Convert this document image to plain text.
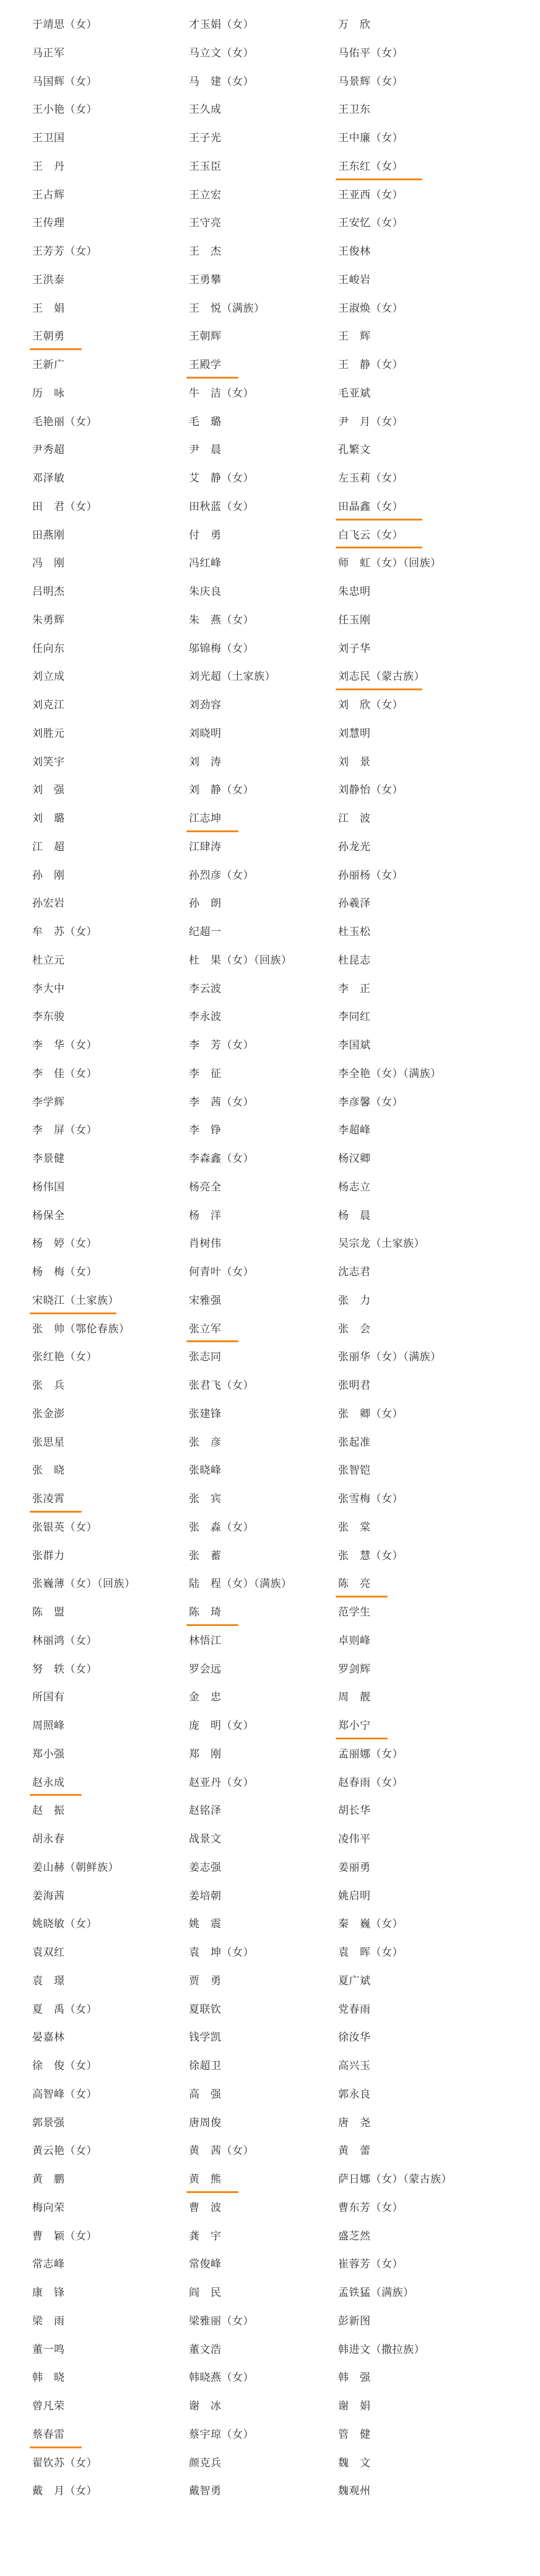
于靖思（女）
马正军
马国辉（女）
王小艳（女）
王卫国
王　丹
王占辉
王传理
王芳芳（女）
王洪泰
王　娟
王朝勇
王新广
历　咏
毛艳丽（女）
尹秀超
邓泽敏
田　君（女）
田燕刚
冯　刚
吕明杰
朱勇辉
任向东
刘立成
刘克江
刘胜元
刘笑宇
刘　强
刘　璐
江　超
孙　刚
孙宏岩
牟　苏（女）
杜立元
李大中
李东骏
李　华（女）
李　佳（女）
李学辉
李　屏（女）
李景健
杨伟国
杨保全
杨　婷（女）
杨　梅（女）
宋晓江（土家族）
张　帅（鄂伦春族）
张红艳（女）
张　兵
张金澎
张思星
张　晓
张凌霄
张银英（女）
张群力
张巍薄（女）（回族）
陈　盟
林丽鸿（女）
努　轶（女）
所国有
周照峰
郑小强
赵永成
赵　振
胡永春
姜山赫（朝鲜族）
姜海茜
姚晓敏（女）
袁双红
袁　璟
夏　禹（女）
晏嘉林
徐　俊（女）
高智峰（女）
郭景强
黄云艳（女）
黄　鹏
梅向荣
曹　颖（女）
常志峰
康　锋
梁　雨
董一鸣
韩　晓
曾凡荣
蔡春雷
翟钦苏（女）
戴　月（女）
才玉娟（女）
马立文（女）
马　建（女）
王久成
王子光
王玉臣
王立宏
王守亮
王　杰
王勇攀
王　悦（满族）
王朝辉
王殿学
牛　洁（女）
毛　璐
尹　晨
艾　静（女）
田秋蓝（女）
付　勇
冯红峰
朱庆良
朱　燕（女）
邬锦梅（女）
刘光超（土家族）
刘劲容
刘晓明
刘　涛
刘　静（女）
江志坤
江肆涛
孙烈彦（女）
孙　朗
纪超一
杜　果（女）（回族）
李云波
李永波
李　芳（女）
李　征
李　茜（女）
李　铮
李森鑫（女）
杨亮全
杨　洋
肖树伟
何青叶（女）
宋雅强
张立军
张志同
张君飞（女）
张建锋
张　彦
张晓峰
张　宾
张　淼（女）
张　蓄
陆　程（女）（满族）
陈　琦
林悟江
罗会远
金　忠
庞　明（女）
郑　刚
赵亚丹（女）
赵铭泽
战景文
姜志强
姜培朝
姚　震
袁　坤（女）
贾　勇
夏联钦
钱学凯
徐超卫
高　强
唐周俊
黄　茜（女）
黄　熊
曹　波
龚　宇
常俊峰
阎　民
梁雅丽（女）
董文浩
韩晓燕（女）
谢　冰
蔡宇琼（女）
颜克兵
戴智勇
万　欣
马佑平（女）
马景辉（女）
王卫东
王中廉（女）
王东红（女）
王亚西（女）
王安忆（女）
王俊林
王峻岩
王淑焕（女）
王　辉
王　静（女）
毛亚斌
尹　月（女）
孔繁文
左玉莉（女）
田晶鑫（女）
白飞云（女）
师　虹（女）（回族）
朱忠明
任玉刚
刘子华
刘志民（蒙古族）
刘　欣（女）
刘慧明
刘　景
刘静怡（女）
江　波
孙龙光
孙丽杨（女）
孙羲泽
杜玉松
杜昆志
李　正
李同红
李国斌
李全艳（女）（满族）
李彦馨（女）
李超峰
杨汉卿
杨志立
杨　晨
吴宗龙（土家族）
沈志君
张　力
张　会
张丽华（女）（满族）
张明君
张　卿（女）
张起准
张智铠
张雪梅（女）
张　棠
张　慧（女）
陈　亮
范学生
卓则峰
罗剑辉
周　靓
郑小宁
孟丽娜（女）
赵春雨（女）
胡长华
凌伟平
姜丽勇
姚启明
秦　巍（女）
袁　晖（女）
夏广斌
党春雨
徐汝华
高兴玉
郭永良
唐　尧
黄　蕾
萨日娜（女）（蒙古族）
曹东芳（女）
盛芝然
崔蓉芳（女）
孟铁猛（满族）
彭新图
韩进文（撒拉族）
韩　强
谢　娟
管　健
魏　文
魏观州
